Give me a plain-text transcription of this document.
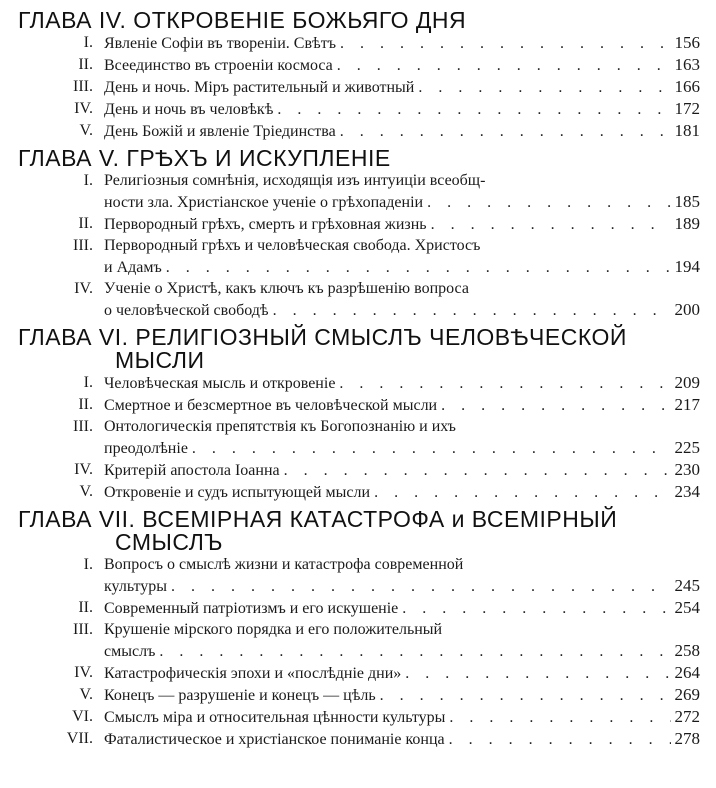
ГЛАВА IV. ОТКРОВЕНІЕ БОЖЬЯГО ДНЯ
I. Явленіе Софіи въ твореніи. Свѣтъ . . .	156
II. Всеединство въ строеніи космоса . . .	163
III. День и ночь. Міръ растительный и животный . . .	166
IV. День и ночь въ человѣкѣ . . .	172
V. День Божій и явленіе Тріединства . . .	181
ГЛАВА V. ГРѢХЪ И ИСКУПЛЕНІЕ
I. Религіозныя сомнѣнія, исходящія изъ интуиціи всеобщ-
ности зла. Христіанское ученіе о грѣхопаденіи . . .	185
II. Первородный грѣхъ, смерть и грѣховная жизнь . . .	189
III. Первородный грѣхъ и человѣческая свобода. Христосъ
и Адамъ . . .	194
IV. Ученіе о Христѣ, какъ ключъ къ разрѣшенію вопроса
о человѣческой свободѣ . . .	200
ГЛАВА VI. РЕЛИГІОЗНЫЙ СМЫСЛЪ ЧЕЛОВѢЧЕСКОЙ
МЫСЛИ
I. Человѣческая мысль и откровеніе . . .	209
II. Смертное и безсмертное въ человѣческой мысли . . .	217
III. Онтологическія препятствія къ Богопознанію и ихъ
преодолѣніе . . .	225
IV. Критерій апостола Іоанна . . .	230
V. Откровеніе и судъ испытующей мысли . . .	234
ГЛАВА VII. ВСЕМІРНАЯ КАТАСТРОФА и ВСЕМІРНЫЙ
СМЫСЛЪ
I. Вопросъ о смыслѣ жизни и катастрофа современной
культуры . . .	245
II. Современный патріотизмъ и его искушеніе . . .	254
III. Крушеніе мірского порядка и его положительный
смыслъ . . .	258
IV. Катастрофическія эпохи и «послѣдніе дни» . . .	264
V. Конецъ — разрушеніе и конецъ — цѣль . . .	269
VI. Смыслъ міра и относительная цѣнности культуры . . .	272
VII. Фаталистическое и христіанское пониманіе конца . . .	278
